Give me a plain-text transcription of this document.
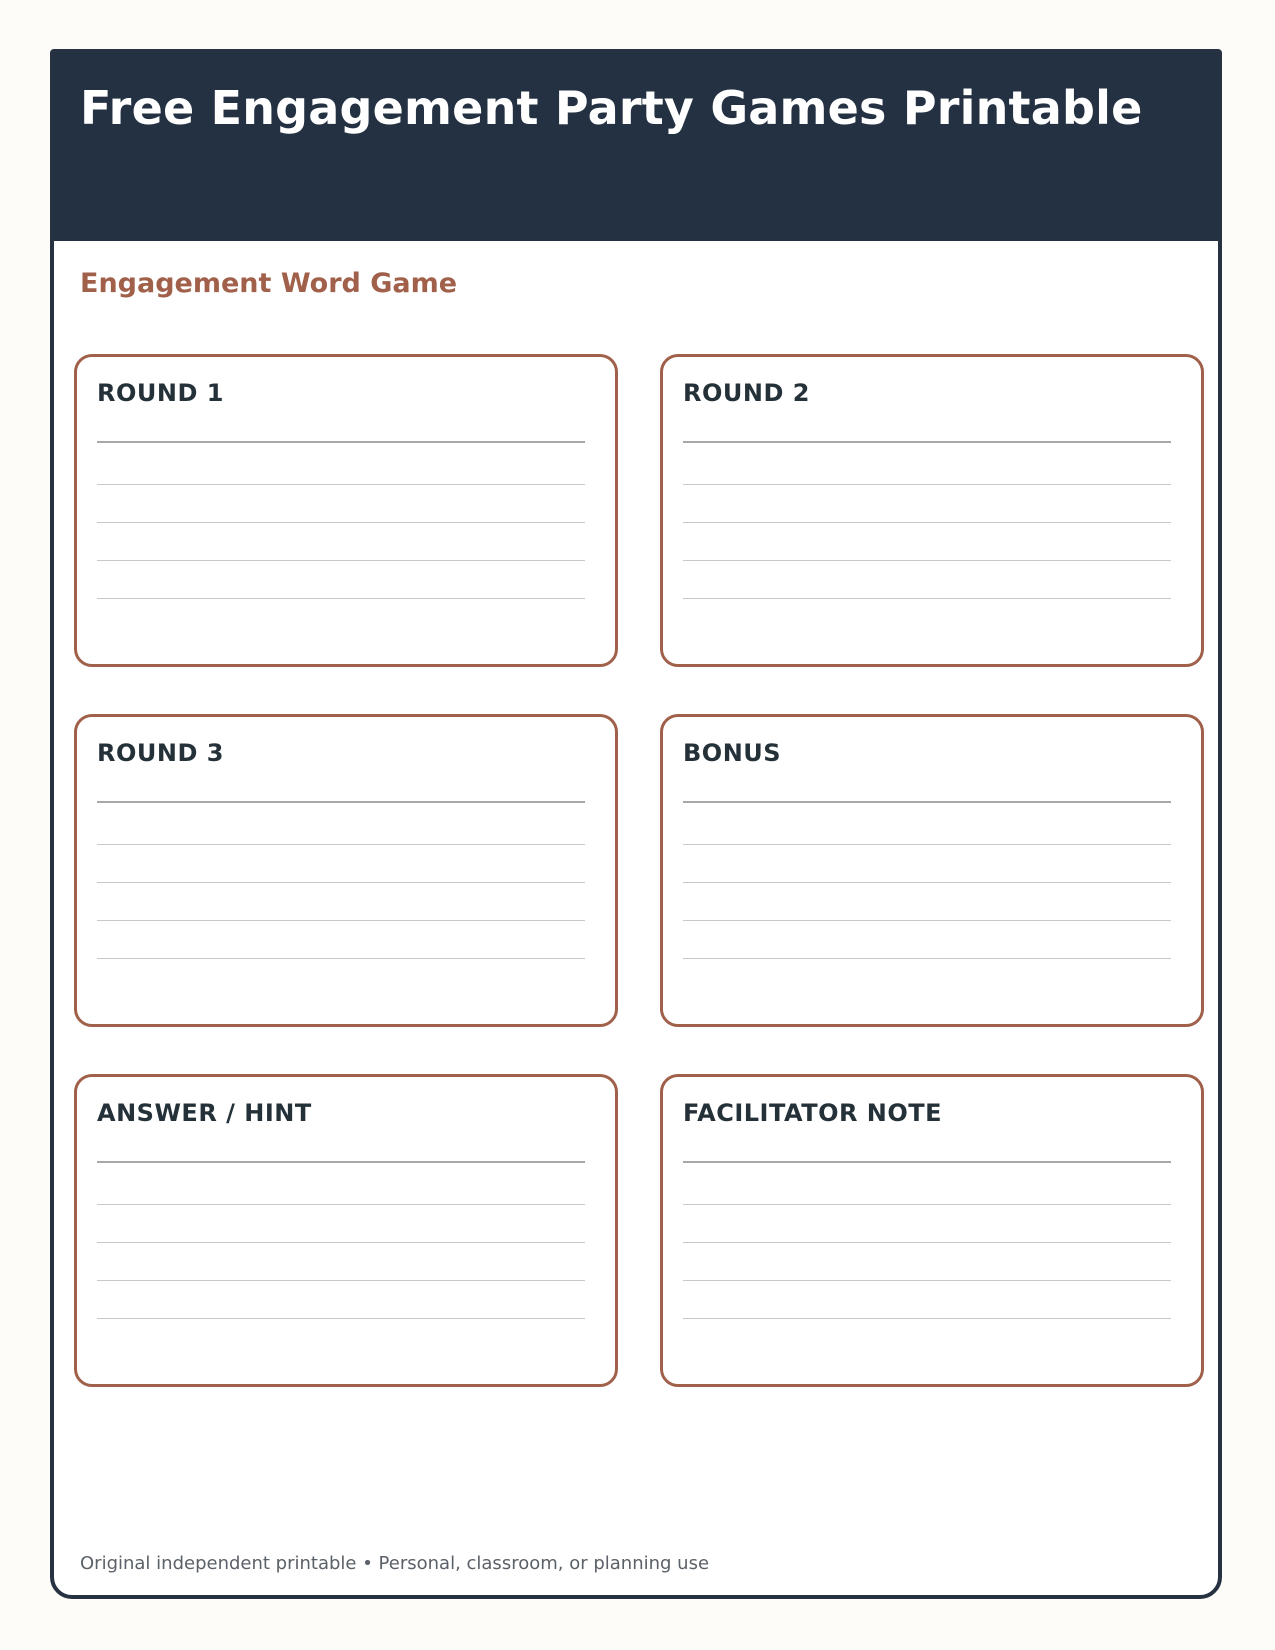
Free Engagement Party Games Printable
Engagement Word Game
ROUND 1	ROUND 2
ROUND 3	BONUS
ANSWER / HINT	FACILITATOR NOTE
Original independent printable • Personal, classroom, or planning use
